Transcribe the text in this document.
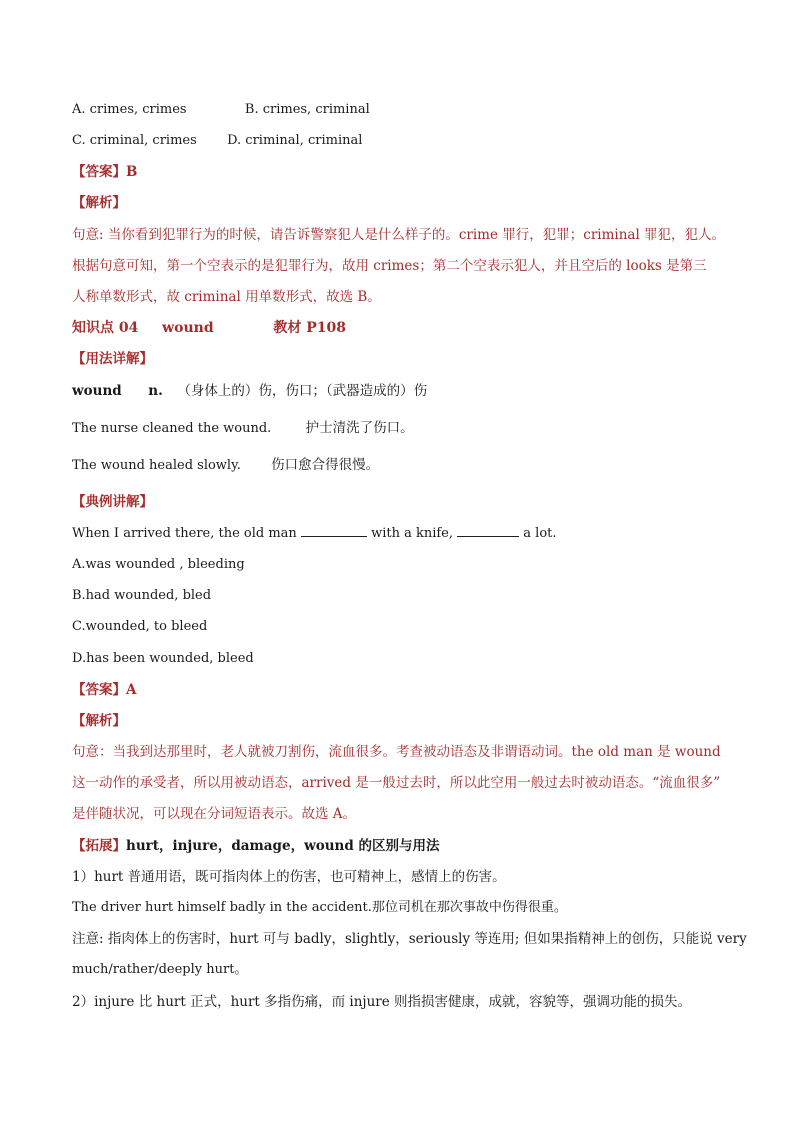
A. crimes, crimes	B. crimes, criminal
C. criminal, crimes D. criminal, criminal
【答案】B
【解析】
句意: 当你看到犯罪行为的时候，请告诉警察犯人是什么样子的。crime 罪行，犯罪；criminal 罪犯，犯人。
根据句意可知，第一个空表示的是犯罪行为，故用 crimes；第二个空表示犯人，并且空后的 looks 是第三
人称单数形式，故 criminal 用单数形式，故选 B。
知识点 04 wound	教材 P108
【用法详解】
wound n. （身体上的）伤，伤口；（武器造成的）伤
The nurse cleaned the wound.	护士清洗了伤口。
The wound healed slowly. 伤口愈合得很慢。
【典例讲解】
When I arrived there, the old man	with a knife,	a lot.
A.was wounded , bleeding
B.had wounded, bled
C.wounded, to bleed
D.has been wounded, bleed
【答案】A
【解析】
句意：当我到达那里时，老人就被刀割伤，流血很多。考查被动语态及非谓语动词。the old man 是 wound
这一动作的承受者，所以用被动语态，arrived 是一般过去时，所以此空用一般过去时被动语态。“流血很多”
是伴随状况，可以现在分词短语表示。故选 A。
【拓展】hurt，injure，damage，wound 的区别与用法
1）hurt 普通用语，既可指肉体上的伤害，也可精神上，感情上的伤害。
The driver hurt himself badly in the accident.那位司机在那次事故中伤得很重。
注意: 指肉体上的伤害时，hurt 可与 badly，slightly，seriously 等连用; 但如果指精神上的创伤，只能说 very
much/rather/deeply hurt。
2）injure 比 hurt 正式，hurt 多指伤痛，而 injure 则指损害健康，成就，容貌等，强调功能的损失。
